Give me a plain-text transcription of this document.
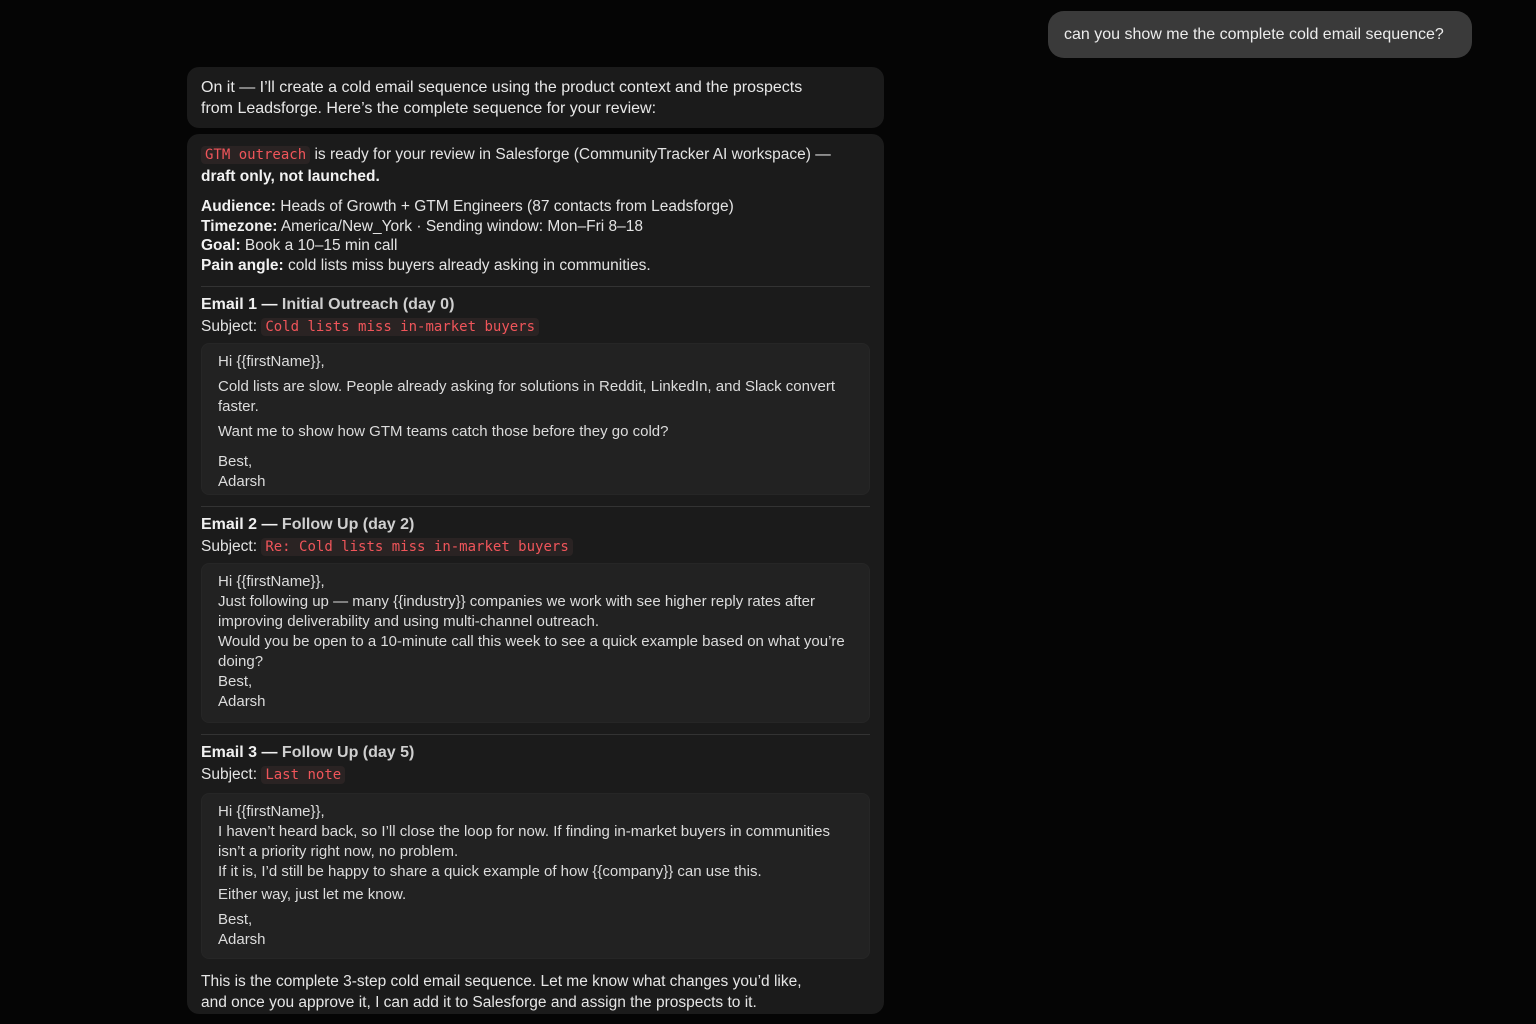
can you show me the complete cold email sequence?
On it — I’ll create a cold email sequence using the product context and the prospects
from Leadsforge. Here’s the complete sequence for your review:
GTM outreach is ready for your review in Salesforge (CommunityTracker AI workspace) —
draft only, not launched.
Audience: Heads of Growth + GTM Engineers (87 contacts from Leadsforge)
Timezone: America/New_York · Sending window: Mon–Fri 8–18
Goal: Book a 10–15 min call
Pain angle: cold lists miss buyers already asking in communities.
Email 1 — Initial Outreach (day 0)
Subject: Cold lists miss in-market buyers
Hi {{firstName}},
Cold lists are slow. People already asking for solutions in Reddit, LinkedIn, and Slack convert
faster.
Want me to show how GTM teams catch those before they go cold?
Best,
Adarsh
Email 2 — Follow Up (day 2)
Subject: Re: Cold lists miss in-market buyers
Hi {{firstName}},
Just following up — many {{industry}} companies we work with see higher reply rates after
improving deliverability and using multi-channel outreach.
Would you be open to a 10-minute call this week to see a quick example based on what you’re
doing?
Best,
Adarsh
Email 3 — Follow Up (day 5)
Subject: Last note
Hi {{firstName}},
I haven’t heard back, so I’ll close the loop for now. If finding in-market buyers in communities
isn’t a priority right now, no problem.
If it is, I’d still be happy to share a quick example of how {{company}} can use this.
Either way, just let me know.
Best,
Adarsh
This is the complete 3-step cold email sequence. Let me know what changes you’d like,
and once you approve it, I can add it to Salesforge and assign the prospects to it.
